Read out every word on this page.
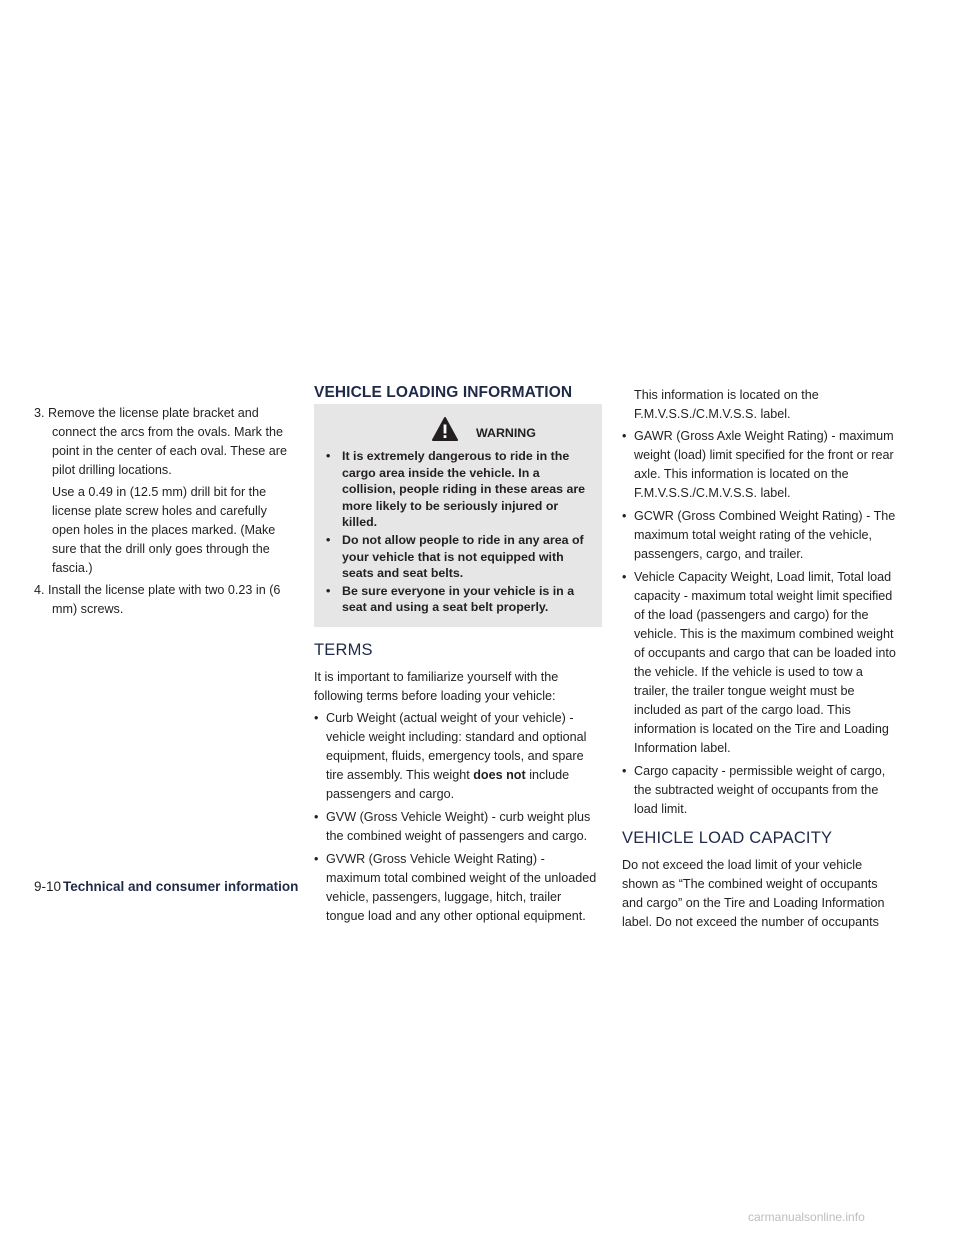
VEHICLE LOADING INFORMATION

3. Remove the license plate bracket and connect the arcs from the ovals. Mark the point in the center of each oval. These are pilot drilling locations.

Use a 0.49 in (12.5 mm) drill bit for the license plate screw holes and carefully open holes in the places marked. (Make sure that the drill only goes through the fascia.)

4. Install the license plate with two 0.23 in (6 mm) screws.

WARNING
• It is extremely dangerous to ride in the cargo area inside the vehicle. In a collision, people riding in these areas are more likely to be seriously injured or killed.
• Do not allow people to ride in any area of your vehicle that is not equipped with seats and seat belts.
• Be sure everyone in your vehicle is in a seat and using a seat belt properly.
TERMS

It is important to familiarize yourself with the following terms before loading your vehicle:

• Curb Weight (actual weight of your vehicle) - vehicle weight including: standard and optional equipment, fluids, emergency tools, and spare tire assembly. This weight does not include passengers and cargo.

• GVW (Gross Vehicle Weight) - curb weight plus the combined weight of passengers and cargo.

• GVWR (Gross Vehicle Weight Rating) - maximum total combined weight of the unloaded vehicle, passengers, luggage, hitch, trailer tongue load and any other optional equipment.

This information is located on the F.M.V.S.S./C.M.V.S.S. label.

• GAWR (Gross Axle Weight Rating) - maximum weight (load) limit specified for the front or rear axle. This information is located on the F.M.V.S.S./C.M.V.S.S. label.

• GCWR (Gross Combined Weight Rating) - The maximum total weight rating of the vehicle, passengers, cargo, and trailer.

• Vehicle Capacity Weight, Load limit, Total load capacity - maximum total weight limit specified of the load (passengers and cargo) for the vehicle. This is the maximum combined weight of occupants and cargo that can be loaded into the vehicle. If the vehicle is used to tow a trailer, the trailer tongue weight must be included as part of the cargo load. This information is located on the Tire and Loading Information label.

• Cargo capacity - permissible weight of cargo, the subtracted weight of occupants from the load limit.

VEHICLE LOAD CAPACITY

Do not exceed the load limit of your vehicle shown as “The combined weight of occupants and cargo” on the Tire and Loading Information label. Do not exceed the number of occupants

9-10 Technical and consumer information
carmanualsonline.info
